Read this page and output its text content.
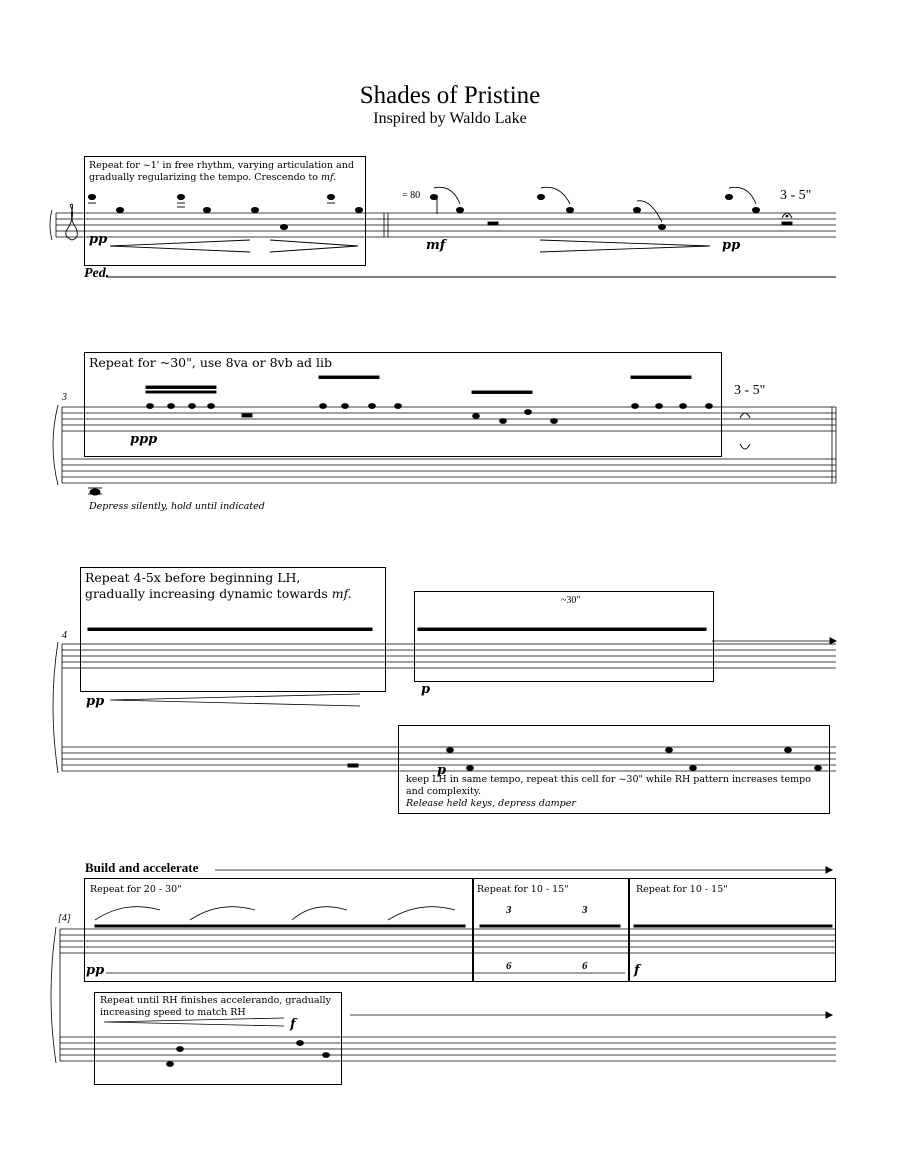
Shades of Pristine
Inspired by Waldo Lake
Repeat for ~1' in free rhythm, varying articulation and gradually regularizing the tempo. Crescendo to mf.
pp
= 80
mf	pp
3 - 5"
Ped.
Repeat for ~30", use 8va or 8vb ad lib
3
ppp
3 - 5"
Depress silently, hold until indicated
Repeat 4-5x before beginning LH,
gradually increasing dynamic towards mf.
4
pp
~30"
p
p
keep LH in same tempo, repeat this cell for ~30" while RH pattern increases tempo and complexity.
Release held keys, depress damper
Build and accelerate
Repeat for 20 - 30"	Repeat for 10 - 15"	Repeat for 10 - 15"
[4]
3	3
6	6
pp	f
Repeat until RH finishes accelerando, gradually increasing speed to match RH
f
